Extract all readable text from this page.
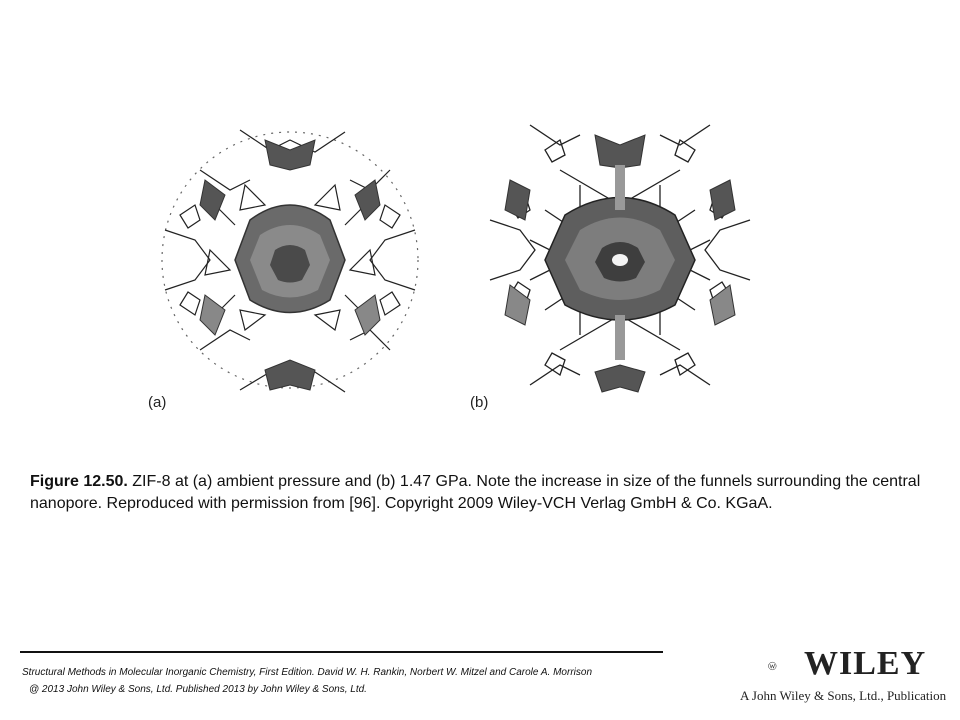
(a)	(b)
Figure 12.50. ZIF-8 at (a) ambient pressure and (b) 1.47 GPa. Note the increase in size of the funnels surrounding the central nanopore. Reproduced with permission from [96]. Copyright 2009 Wiley-VCH Verlag GmbH & Co. KGaA.
Structural Methods in Molecular Inorganic Chemistry, First Edition. David W. H. Rankin, Norbert W. Mitzel and Carole A. Morrison
@ 2013 John Wiley & Sons, Ltd. Published 2013 by John Wiley & Sons, Ltd.
WILEY
A John Wiley & Sons, Ltd., Publication
